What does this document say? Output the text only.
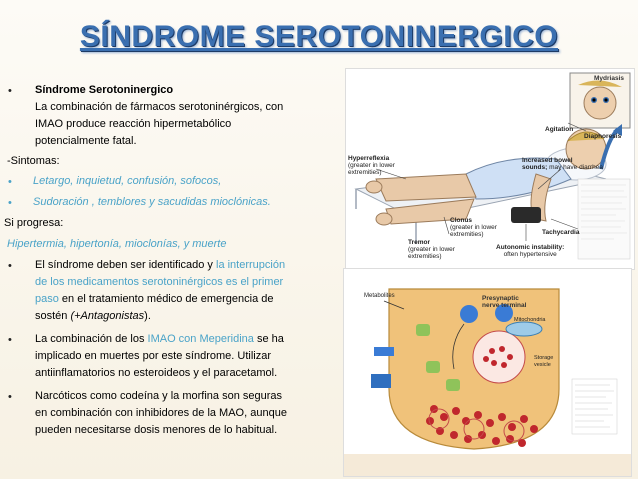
SÍNDROME SEROTONINERGICO
• Síndrome Serotoninergico
La combinación de fármacos serotoninérgicos, con
IMAO produce reacción hipermetabólico
potencialmente fatal.
-Sintomas:
• Letargo, inquietud, confusión, sofocos,
• Sudoración , temblores y sacudidas mioclónicas.
Si progresa:
Hipertermia, hipertonía, mioclonías, y muerte
• El síndrome deben ser identificado y la interrupción
de los medicamentos serotoninérgicos es el primer
paso en el tratamiento médico de emergencia de
sostén (+Antagonistas).
• La combinación de los IMAO con Meperidina se ha
implicado en muertes por este síndrome. Utilizar
antiinflamatorios no esteroideos y el paracetamol.
• Narcóticos como codeína y la morfina son seguras
en combinación con inhibidores de la MAO, aunque
pueden necesitarse dosis menores de lo habitual.
Mydriasis
Agitation
Diaphoresis
Increased bowel
sounds; may have diarrhea
Hyperreflexia
(greater in lower
extremities)
Clonus
(greater in lower
extremities)
Tremor
(greater in lower
extremities)
Autonomic instability:
often hypertensive
Tachycardia
Presynaptic
nerve terminal
Metabolites
Mitochondria
Storage
vesicle
